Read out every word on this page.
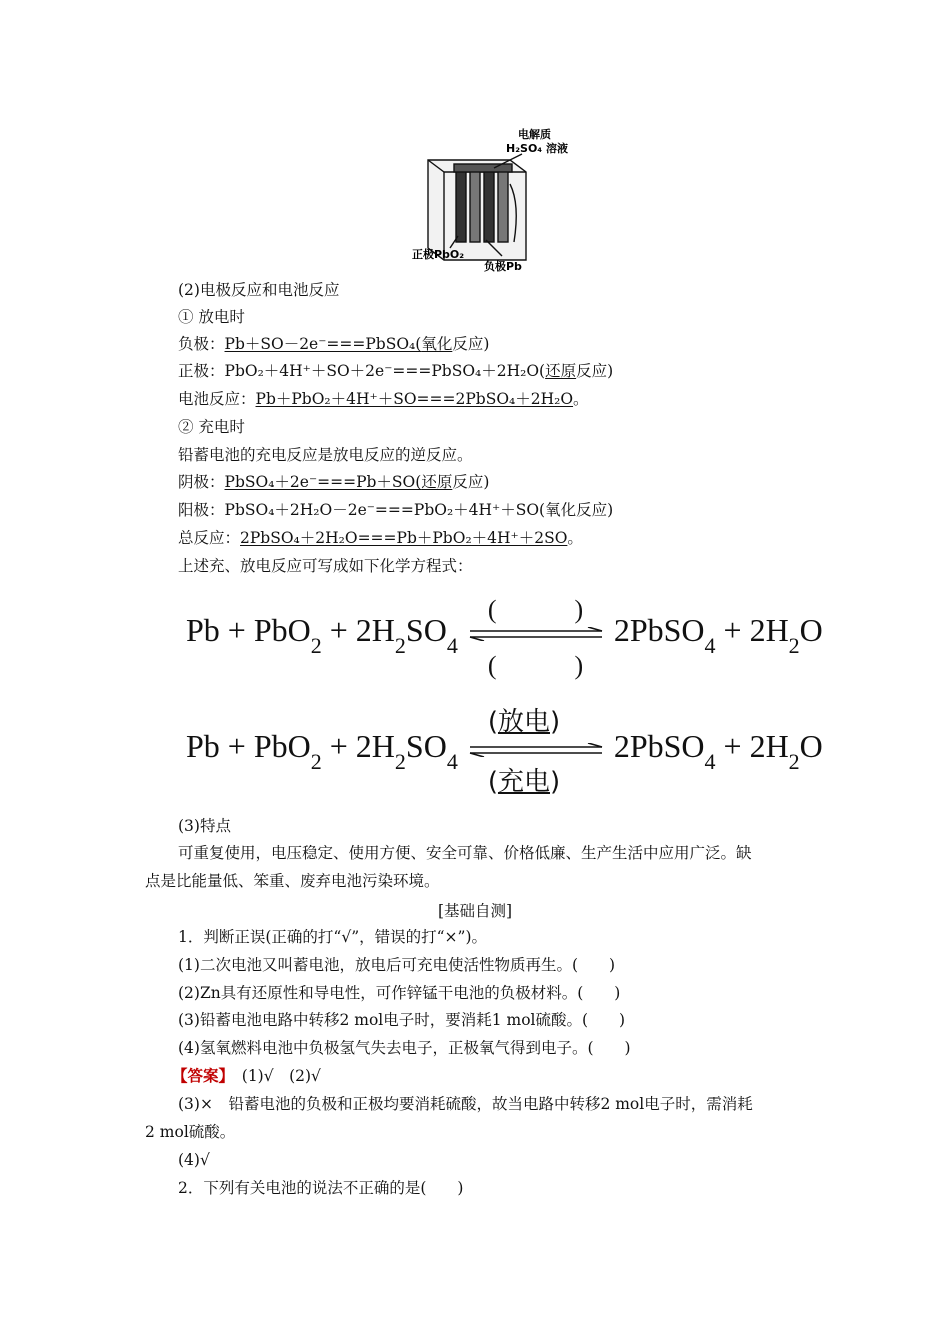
电解质
H₂SO₄ 溶液
正极PbO₂
负极Pb
(2)电极反应和电池反应
① 放电时
负极：Pb＋SO－2e⁻===PbSO₄(氧化反应)
正极：PbO₂＋4H⁺＋SO＋2e⁻===PbSO₄＋2H₂O(还原反应)
电池反应：Pb＋PbO₂＋4H⁺＋SO===2PbSO₄＋2H₂O。
② 充电时
铅蓄电池的充电反应是放电反应的逆反应。
阴极：PbSO₄＋2e⁻===Pb＋SO(还原反应)
阳极：PbSO₄＋2H₂O－2e⁻===PbO₂＋4H⁺＋SO(氧化反应)
总反应：2PbSO₄＋2H₂O===Pb＋PbO₂＋4H⁺＋2SO。
上述充、放电反应可写成如下化学方程式：
$Pb + PbO_2 + 2H_2SO_4$
(　　　)
(　　　)
2PbSO$_4$ + $2H_2O$
$Pb + PbO_2 + 2H_2SO_4$
(放电)
(充电)
2PbSO$_4$ + $2H_2O$
(3)特点
可重复使用，电压稳定、使用方便、安全可靠、价格低廉、生产生活中应用广泛。缺
点是比能量低、笨重、废弃电池污染环境。
[基础自测]
1．判断正误(正确的打“√”，错误的打“×”)。
(1)二次电池又叫蓄电池，放电后可充电使活性物质再生。(　　)
(2)Zn具有还原性和导电性，可作锌锰干电池的负极材料。(　　)
(3)铅蓄电池电路中转移2 mol电子时，要消耗1 mol硫酸。(　　)
(4)氢氧燃料电池中负极氢气失去电子，正极氧气得到电子。(　　)
【答案】　(1)√　(2)√
(3)×　铅蓄电池的负极和正极均要消耗硫酸，故当电路中转移2 mol电子时，需消耗
2 mol硫酸。
(4)√
2．下列有关电池的说法不正确的是(　　)
